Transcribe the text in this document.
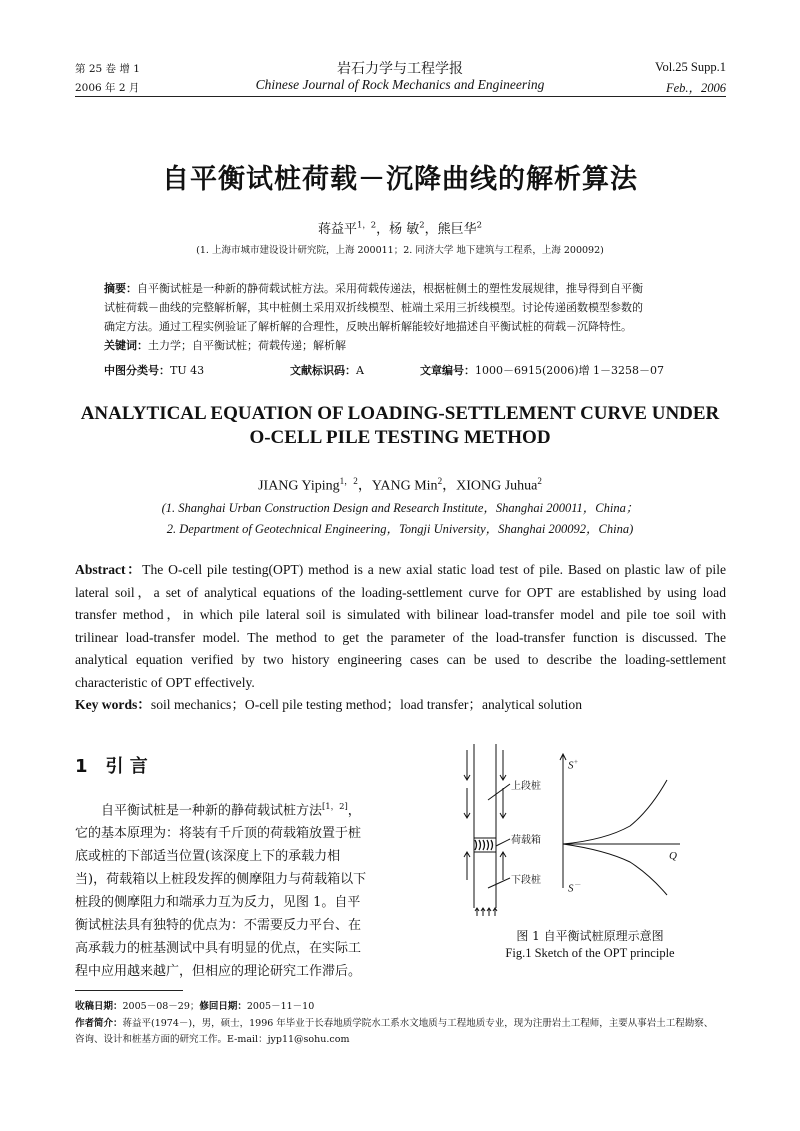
第 25 卷 增 1
2006 年 2 月
岩石力学与工程学报
Chinese Journal of Rock Mechanics and Engineering
Vol.25 Supp.1
Feb.，2006
自平衡试桩荷载－沉降曲线的解析算法
蒋益平$^{1,2}$，杨 敏$^2$，熊巨华$^2$
(1. 上海市城市建设设计研究院，上海 200011；2. 同济大学 地下建筑与工程系，上海 200092)
摘要：自平衡试桩是一种新的静荷载试桩方法。采用荷载传递法，根据桩侧土的塑性发展规律，推导得到自平衡
试桩荷载－曲线的完整解析解，其中桩侧土采用双折线模型、桩端土采用三折线模型。讨论传递函数模型参数的
确定方法。通过工程实例验证了解析解的合理性，反映出解析解能较好地描述自平衡试桩的荷载－沉降特性。
关键词：土力学；自平衡试桩；荷载传递；解析解
中图分类号：TU 43	文献标识码：A	文章编号：1000－6915(2006)增 1－3258－07
ANALYTICAL EQUATION OF LOADING-SETTLEMENT CURVE UNDER
O-CELL PILE TESTING METHOD
JIANG Yiping$^{1,2}$，YANG Min$^2$，XIONG Juhua$^2$
(1. Shanghai Urban Construction Design and Research Institute，Shanghai 200011，China；
2. Department of Geotechnical Engineering，Tongji University，Shanghai 200092，China)
Abstract：The O-cell pile testing(OPT) method is a new axial static load test of pile. Based on plastic law of pile
lateral soil，a set of analytical equations of the loading-settlement curve for OPT are established by using load
transfer method，in which pile lateral soil is simulated with bilinear load-transfer model and pile toe soil with
trilinear load-transfer model. The method to get the parameter of the load-transfer function is discussed. The
analytical equation verified by two history engineering cases can be used to describe the loading-settlement
characteristic of OPT effectively.
Key words：soil mechanics；O-cell pile testing method；load transfer；analytical solution
1 引 言
自平衡试桩是一种新的静荷载试桩方法[1，2]，
它的基本原理为：将装有千斤顶的荷载箱放置于桩
底或桩的下部适当位置(该深度上下的承载力相
当)，荷载箱以上桩段发挥的侧摩阻力与荷载箱以下
桩段的侧摩阻力和端承力互为反力，见图 1。自平
衡试桩法具有独特的优点为：不需要反力平台、在
高承载力的桩基测试中具有明显的优点，在实际工
程中应用越来越广，但相应的理论研究工作滞后。
上段桩
荷载箱
下段桩
S+
S－
Q
图 1 自平衡试桩原理示意图
Fig.1 Sketch of the OPT principle
收稿日期：2005－08－29；修回日期：2005－11－10
作者简介：蒋益平(1974－)，男，硕士，1996 年毕业于长春地质学院水工系水文地质与工程地质专业，现为注册岩土工程师，主要从事岩土工程勘察、
咨询、设计和桩基方面的研究工作。E-mail：jyp11@sohu.com
